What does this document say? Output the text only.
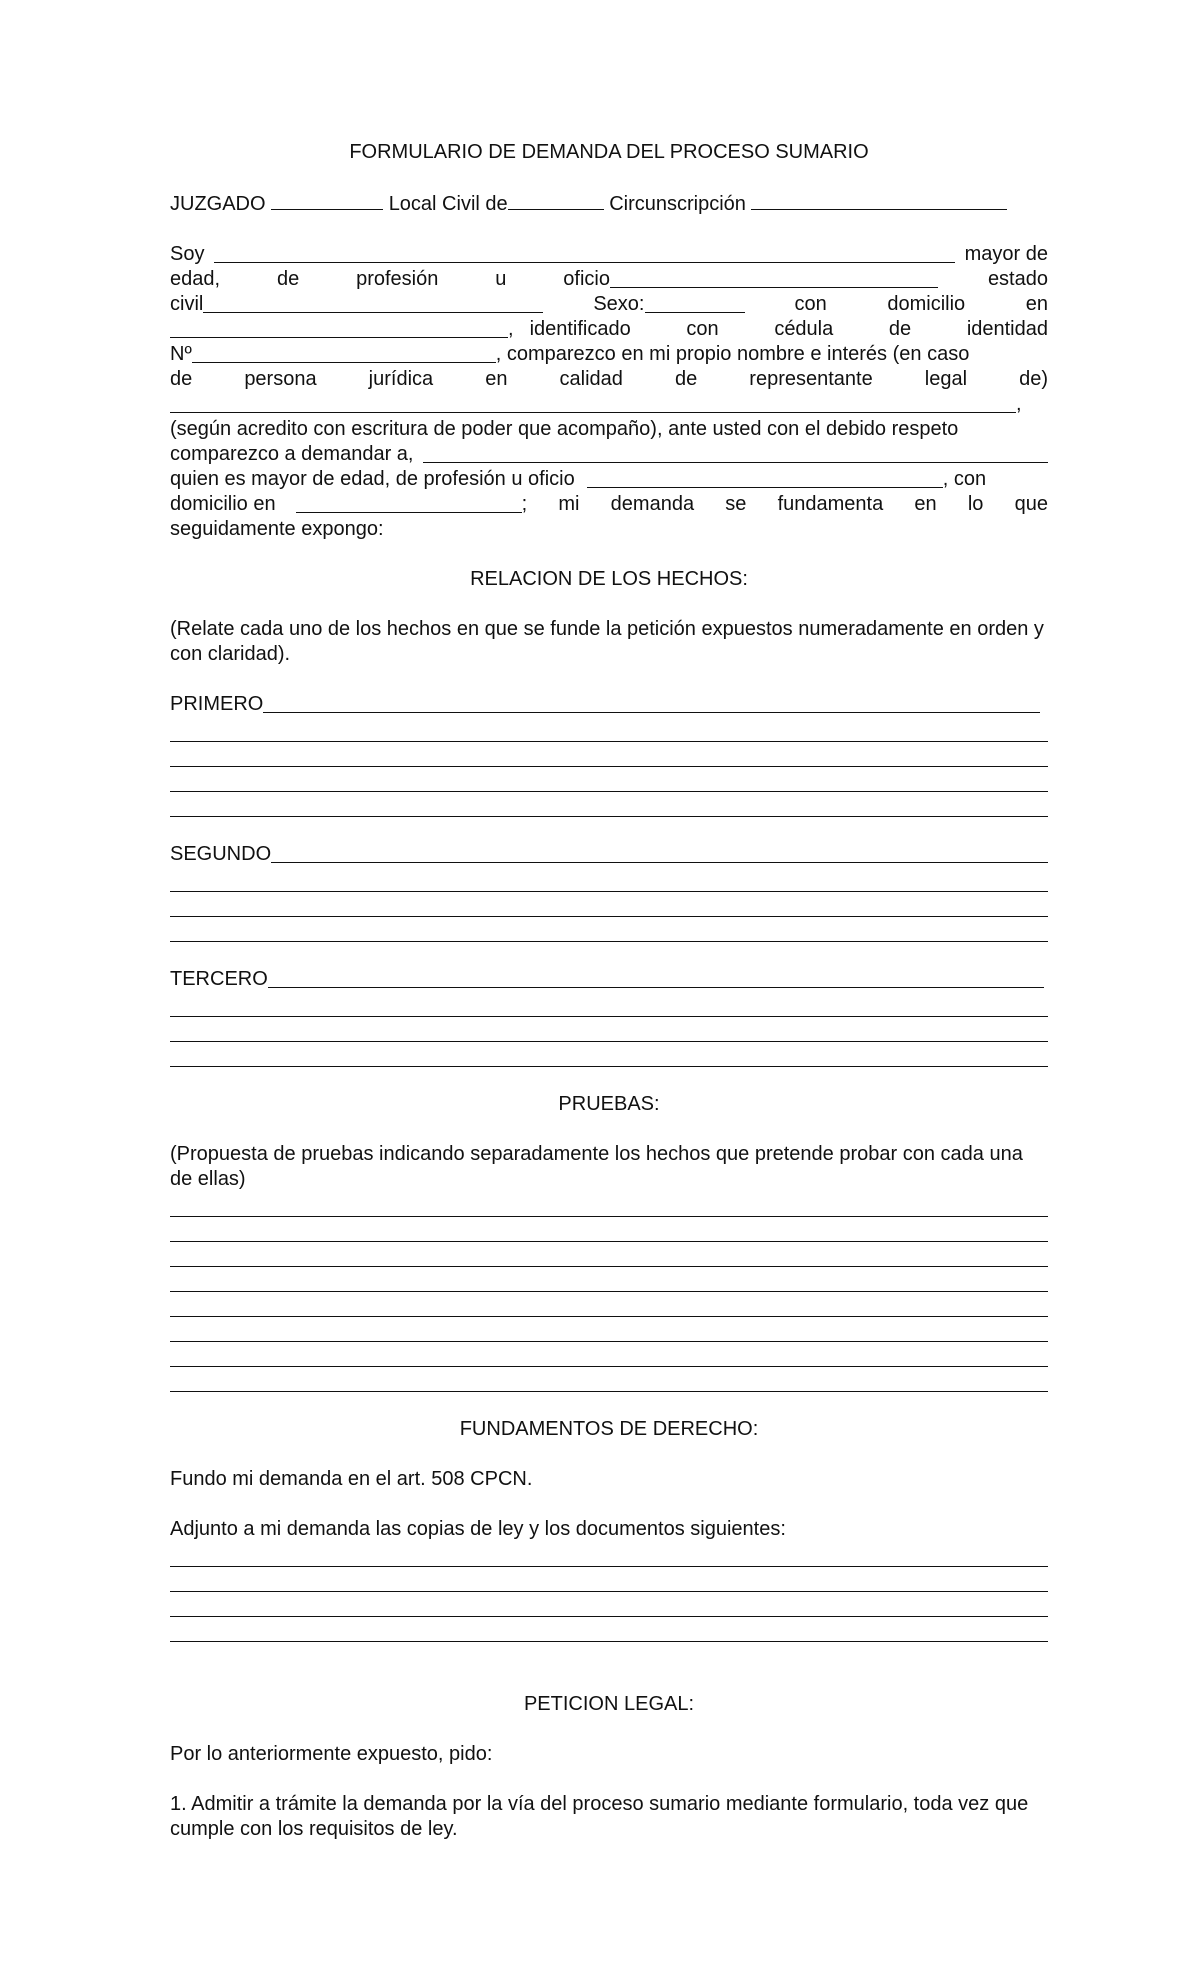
FORMULARIO DE DEMANDA DEL PROCESO SUMARIO
JUZGADO	Local Civil de	Circunscripción
Soy	mayor de
edad,	de	profesión	u	oficio	estado
civil	Sexo:	con	domicilio	en
, identificado	con	cédula	de	identidad
Nº	, comparezco en mi propio nombre e interés (en caso
de	persona	jurídica	en	calidad	de	representante	legal	de)
,
(según acredito con escritura de poder que acompaño), ante usted con el debido respeto
comparezco a demandar a,
quien es mayor de edad, de profesión u oficio	, con
domicilio en	; mi demanda se fundamenta en lo que
seguidamente expongo:
RELACION DE LOS HECHOS:
(Relate cada uno de los hechos en que se funde la petición expuestos numeradamente en orden y con claridad).
PRIMERO
SEGUNDO
TERCERO
PRUEBAS:
(Propuesta de pruebas indicando separadamente los hechos que pretende probar con cada una de ellas)
FUNDAMENTOS DE DERECHO:
Fundo mi demanda en el art. 508 CPCN.
Adjunto a mi demanda las copias de ley y los documentos siguientes:
PETICION LEGAL:
Por lo anteriormente expuesto, pido:
1. Admitir a trámite la demanda por la vía del proceso sumario mediante formulario, toda vez que cumple con los requisitos de ley.
